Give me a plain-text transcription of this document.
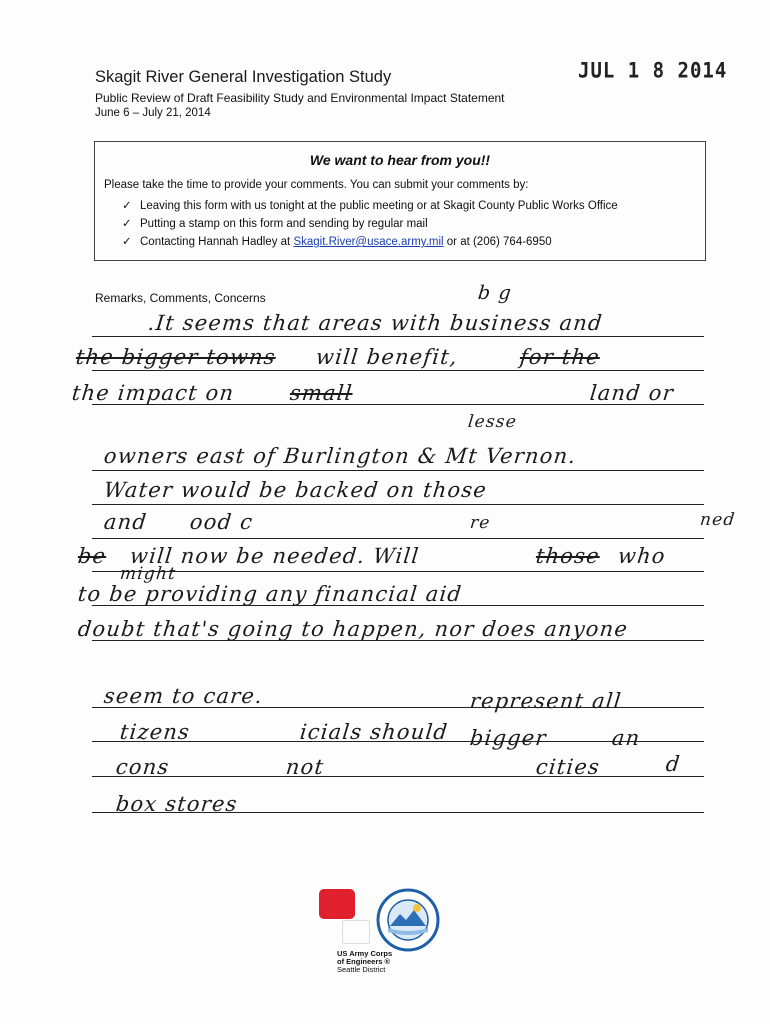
JUL 1 8 2014
Skagit River General Investigation Study
Public Review of Draft Feasibility Study and Environmental Impact Statement
June 6 – July 21, 2014
We want to hear from you!!
Please take the time to provide your comments. You can submit your comments by:
✓ Leaving this form with us tonight at the public meeting or at Skagit County Public Works Office
✓ Putting a stamp on this form and sending by regular mail
✓ Contacting Hannah Hadley at Skagit.River@usace.army.mil or at (206) 764-6950
Remarks, Comments, Concerns	b g
.It seems that areas with business and
the bigger towns will benefit,	for the
the impact on	small	land or
lesse
owners east of Burlington & Mt Vernon.
Water would be backed on those
and ood c	re	ned
be will now be needed. Will	those who
might
to be providing any financial aid
doubt that's going to happen, nor does anyone
seem to care.	represent all
tizens	icials should bigger	an
cons	not	cities	d
box stores
US Army Corps
of Engineers ®
Seattle District
